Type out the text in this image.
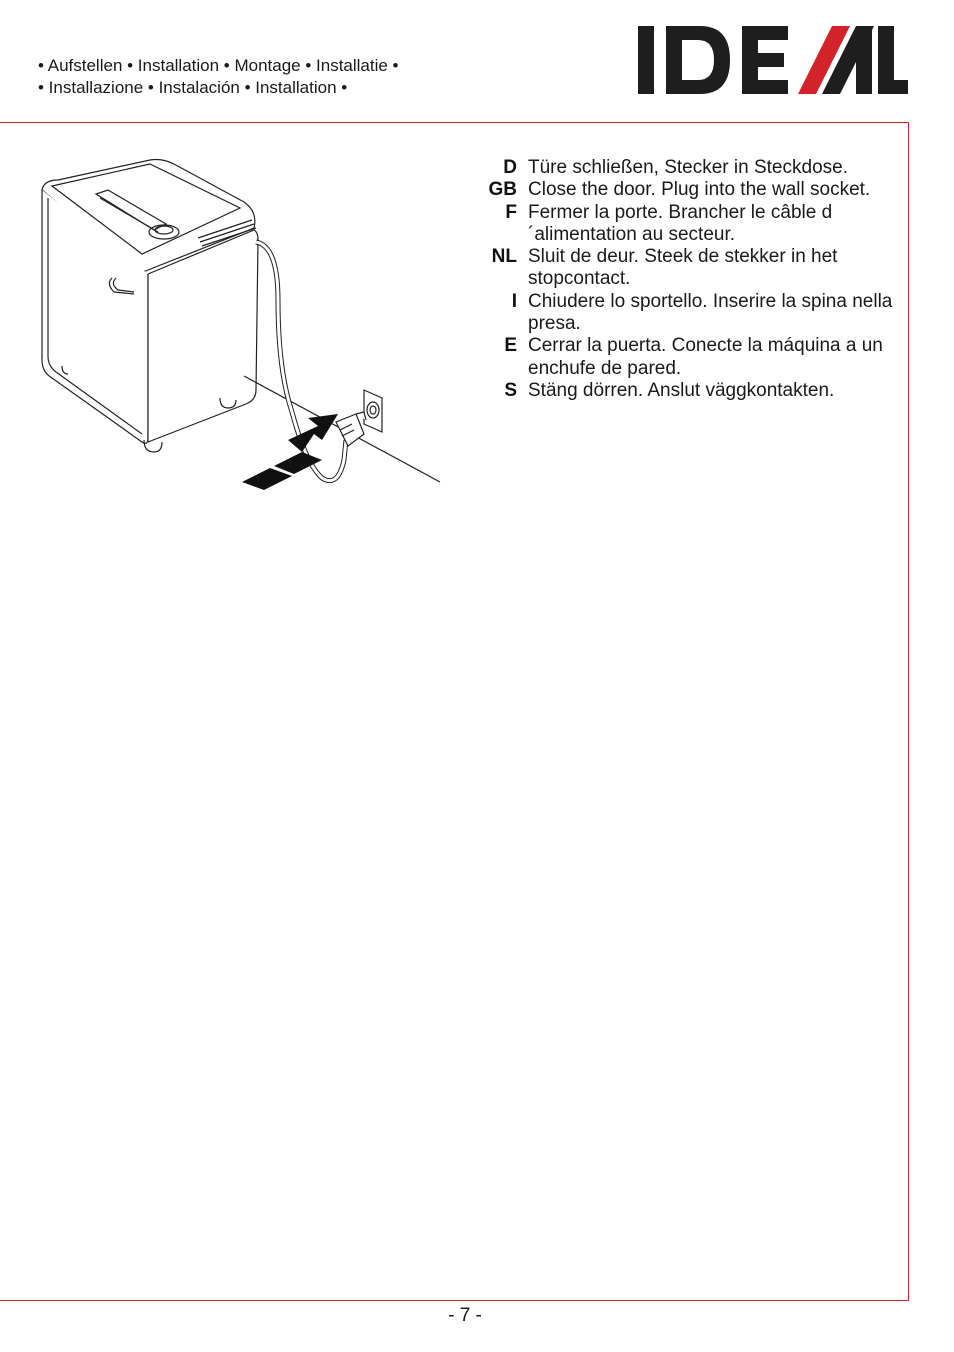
• Aufstellen • Installation • Montage • Installatie •
• Installazione • Instalación • Installation •
D Türe schließen, Stecker in Steckdose.
GB Close the door. Plug into the wall socket.
F Fermer la porte. Brancher le câble d´alimentation au secteur.
NL Sluit de deur. Steek de stekker in het stopcontact.
I Chiudere lo sportello. Inserire la spina nella presa.
E Cerrar la puerta. Conecte la máquina a un enchufe de pared.
S Stäng dörren. Anslut väggkontakten.
- 7 -
